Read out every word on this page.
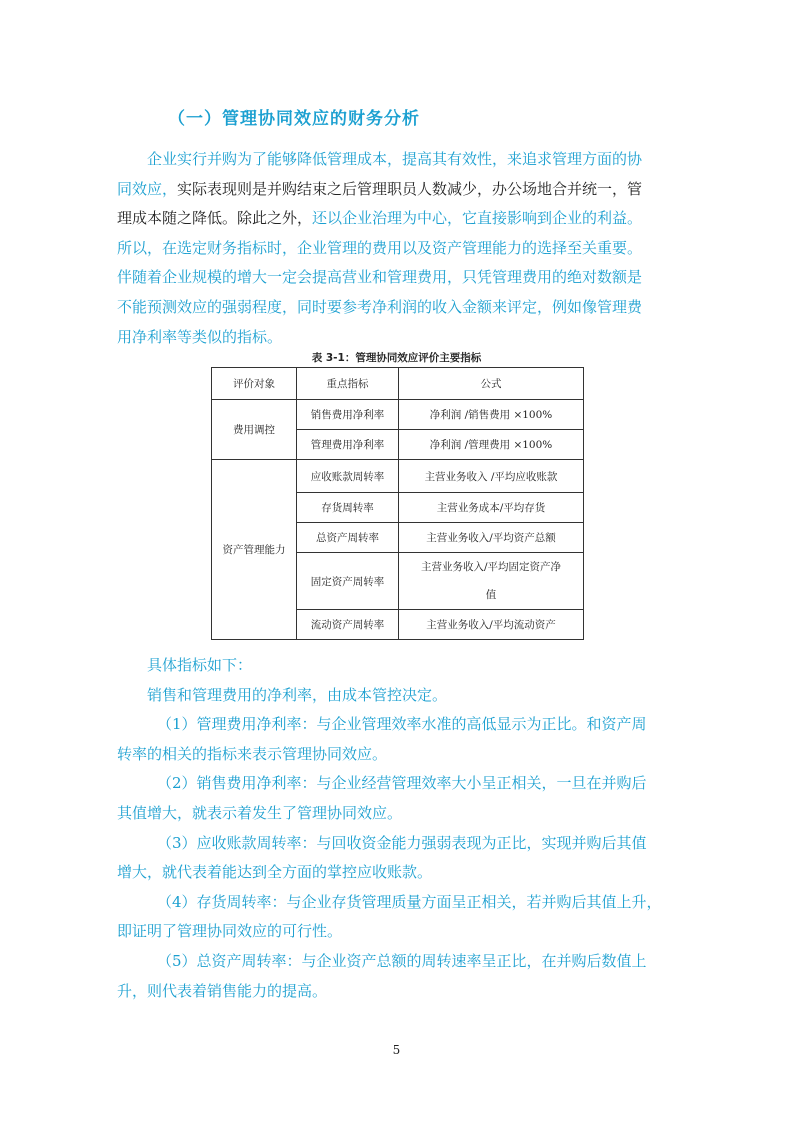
（一）管理协同效应的财务分析
企业实行并购为了能够降低管理成本，提高其有效性，来追求管理方面的协
同效应，实际表现则是并购结束之后管理职员人数减少，办公场地合并统一，管
理成本随之降低。除此之外，还以企业治理为中心，它直接影响到企业的利益。
所以，在选定财务指标时，企业管理的费用以及资产管理能力的选择至关重要。
伴随着企业规模的增大一定会提高营业和管理费用，只凭管理费用的绝对数额是
不能预测效应的强弱程度，同时要参考净利润的收入金额来评定，例如像管理费
用净利率等类似的指标。
表 3-1：管理协同效应评价主要指标
评价对象	重点指标	公式
费用调控	销售费用净利率	净利润 /销售费用 ×100%
	管理费用净利率	净利润 /管理费用 ×100%
资产管理能力	应收账款周转率	主营业务收入 /平均应收账款
	存货周转率	主营业务成本/平均存货
	总资产周转率	主营业务收入/平均资产总额
	固定资产周转率	主营业务收入/平均固定资产净
值
	流动资产周转率	主营业务收入/平均流动资产
具体指标如下：
销售和管理费用的净利率，由成本管控决定。
（1）管理费用净利率：与企业管理效率水准的高低显示为正比。和资产周
转率的相关的指标来表示管理协同效应。
（2）销售费用净利率：与企业经营管理效率大小呈正相关，一旦在并购后
其值增大，就表示着发生了管理协同效应。
（3）应收账款周转率：与回收资金能力强弱表现为正比，实现并购后其值
增大，就代表着能达到全方面的掌控应收账款。
（4）存货周转率：与企业存货管理质量方面呈正相关，若并购后其值上升，
即证明了管理协同效应的可行性。
（5）总资产周转率：与企业资产总额的周转速率呈正比，在并购后数值上
升，则代表着销售能力的提高。
5
